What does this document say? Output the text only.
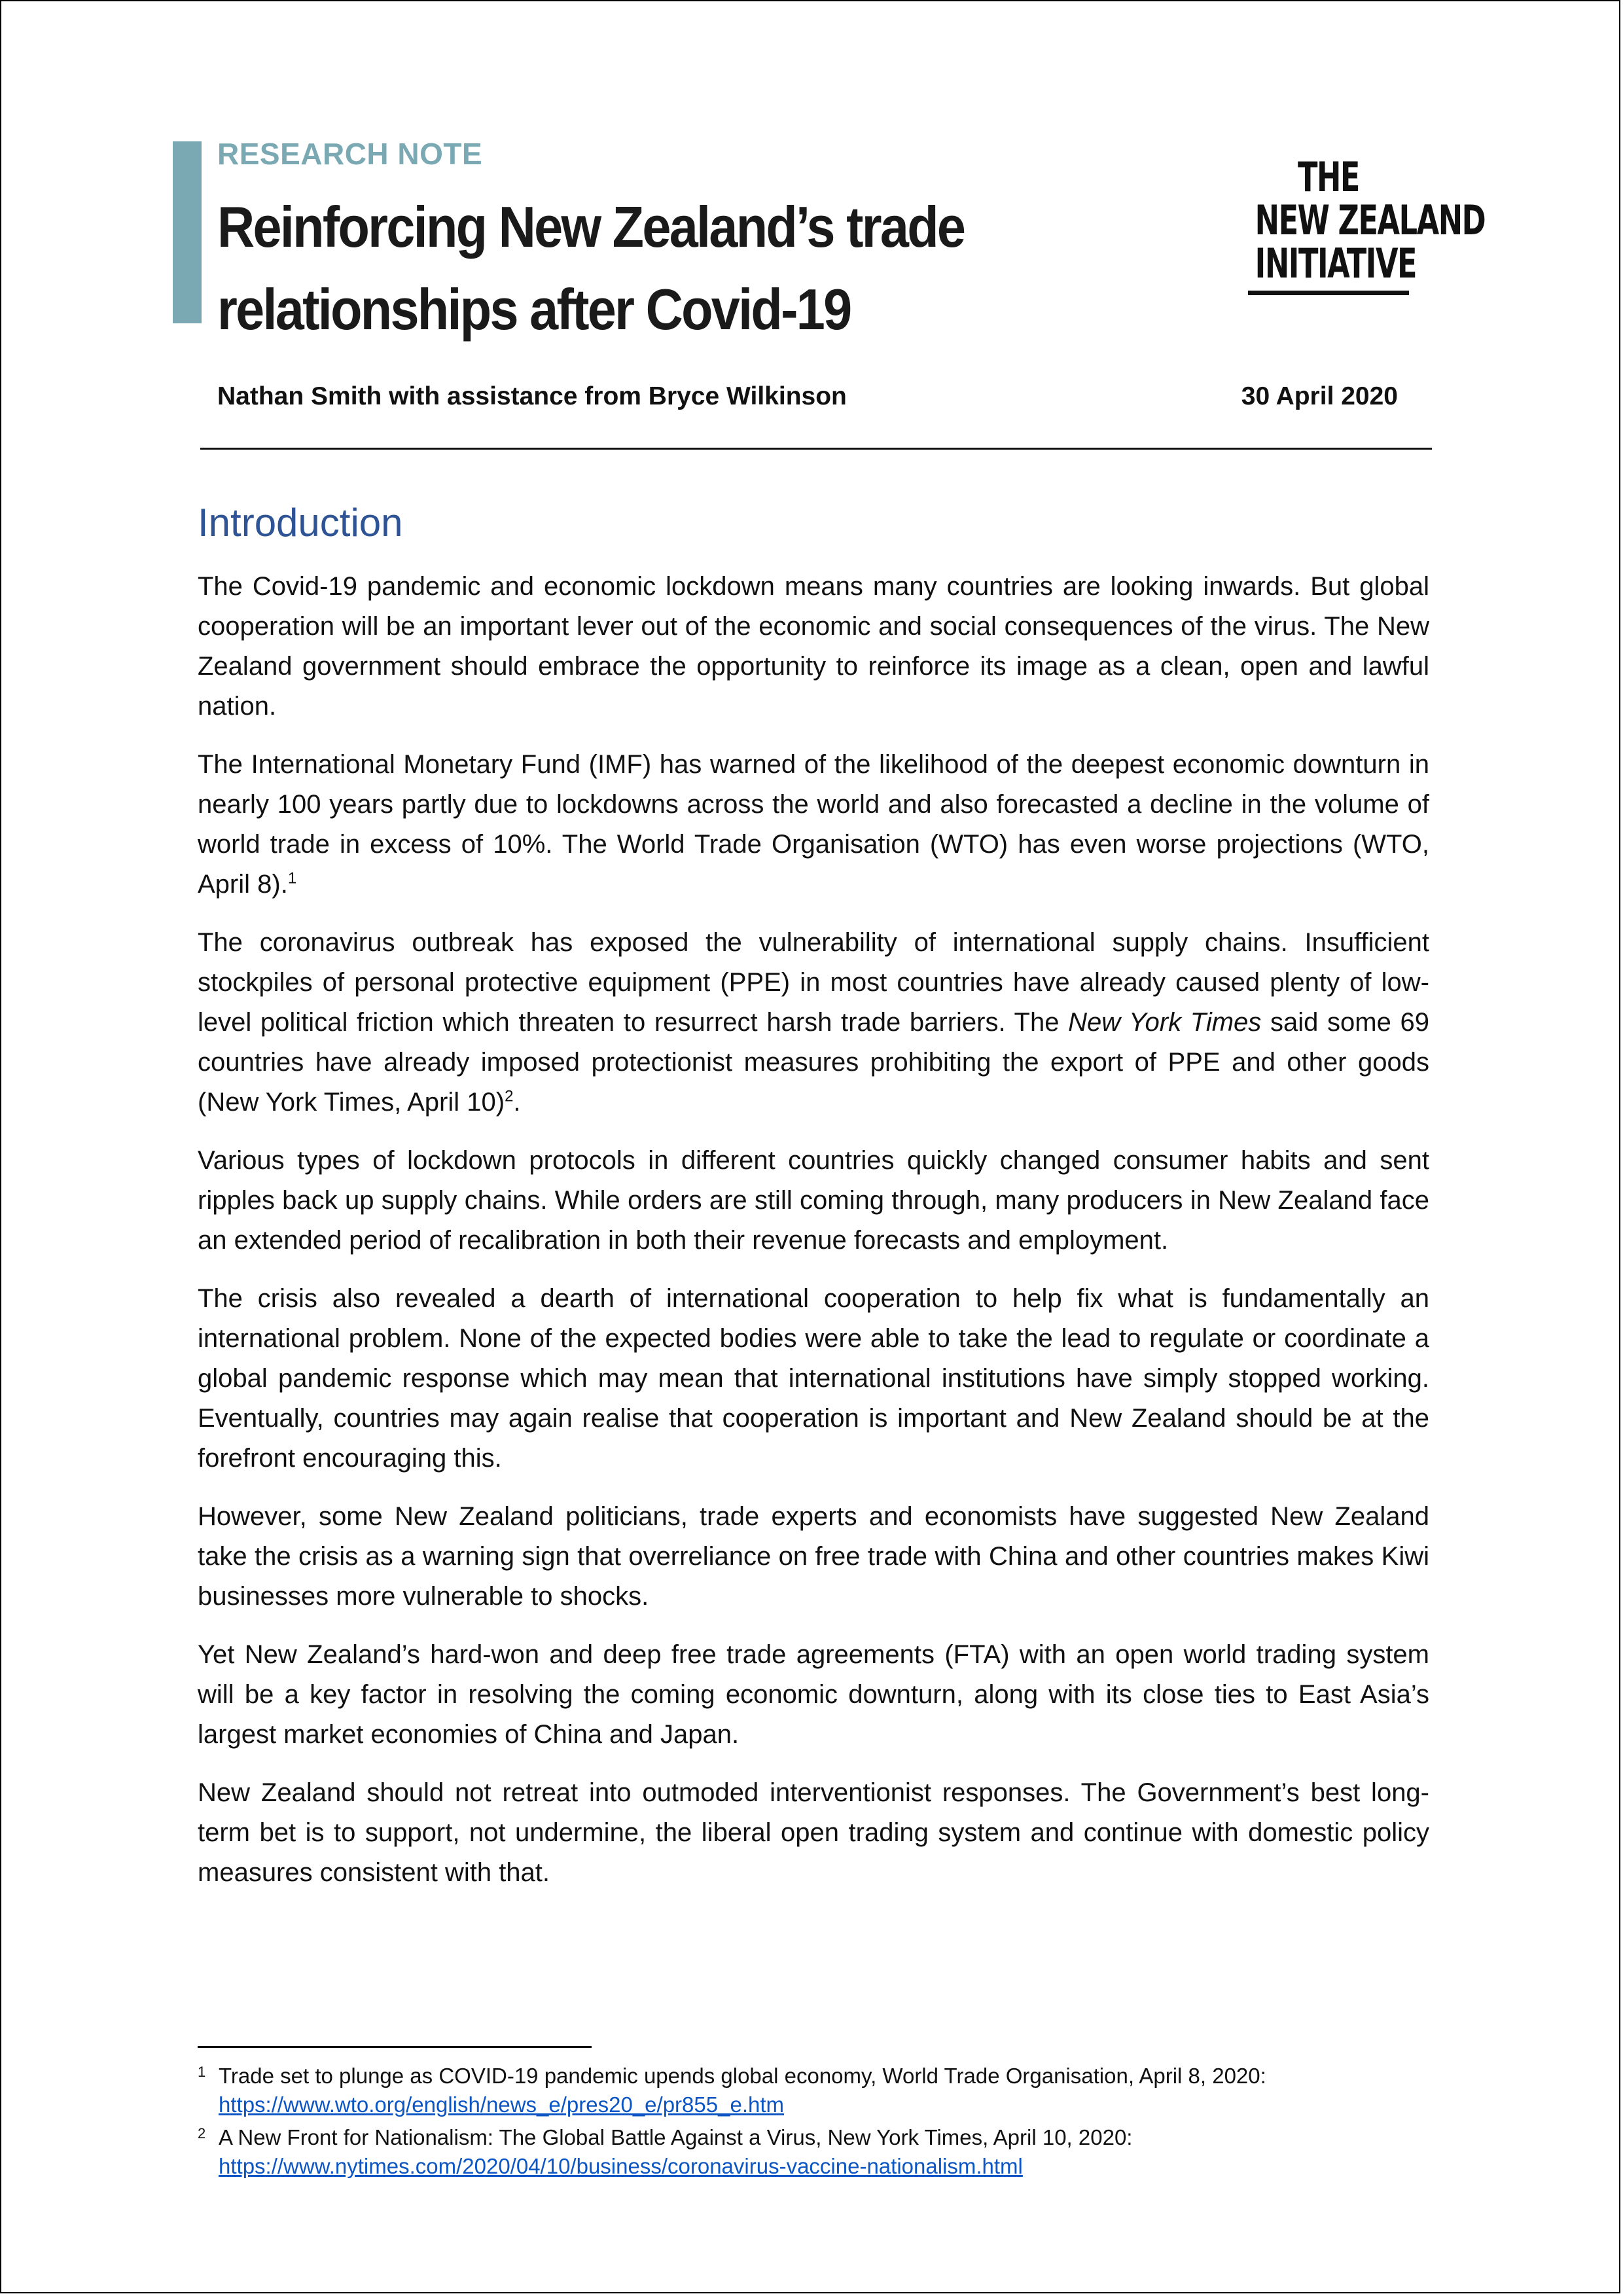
RESEARCH NOTE
Reinforcing New Zealand’s trade relationships after Covid-19
THE
NEW ZEALAND
INITIATIVE
Nathan Smith with assistance from Bryce Wilkinson	30 April 2020
Introduction

The Covid-19 pandemic and economic lockdown means many countries are looking inwards. But global cooperation will be an important lever out of the economic and social consequences of the virus. The New Zealand government should embrace the opportunity to reinforce its image as a clean, open and lawful nation.

The International Monetary Fund (IMF) has warned of the likelihood of the deepest economic downturn in nearly 100 years partly due to lockdowns across the world and also forecasted a decline in the volume of world trade in excess of 10%. The World Trade Organisation (WTO) has even worse projections (WTO, April 8).$^1$

The coronavirus outbreak has exposed the vulnerability of international supply chains. Insufficient stockpiles of personal protective equipment (PPE) in most countries have already caused plenty of low-level political friction which threaten to resurrect harsh trade barriers. The New York Times said some 69 countries have already imposed protectionist measures prohibiting the export of PPE and other goods (New York Times, April 10)$^2$.

Various types of lockdown protocols in different countries quickly changed consumer habits and sent ripples back up supply chains. While orders are still coming through, many producers in New Zealand face an extended period of recalibration in both their revenue forecasts and employment.

The crisis also revealed a dearth of international cooperation to help fix what is fundamentally an international problem. None of the expected bodies were able to take the lead to regulate or coordinate a global pandemic response which may mean that international institutions have simply stopped working. Eventually, countries may again realise that cooperation is important and New Zealand should be at the forefront encouraging this.

However, some New Zealand politicians, trade experts and economists have suggested New Zealand take the crisis as a warning sign that overreliance on free trade with China and other countries makes Kiwi businesses more vulnerable to shocks.

Yet New Zealand’s hard-won and deep free trade agreements (FTA) with an open world trading system will be a key factor in resolving the coming economic downturn, along with its close ties to East Asia’s largest market economies of China and Japan.

New Zealand should not retreat into outmoded interventionist responses. The Government’s best long-term bet is to support, not undermine, the liberal open trading system and continue with domestic policy measures consistent with that.

1 Trade set to plunge as COVID-19 pandemic upends global economy, World Trade Organisation, April 8, 2020:
https://www.wto.org/english/news_e/pres20_e/pr855_e.htm
2 A New Front for Nationalism: The Global Battle Against a Virus, New York Times, April 10, 2020:
https://www.nytimes.com/2020/04/10/business/coronavirus-vaccine-nationalism.html
